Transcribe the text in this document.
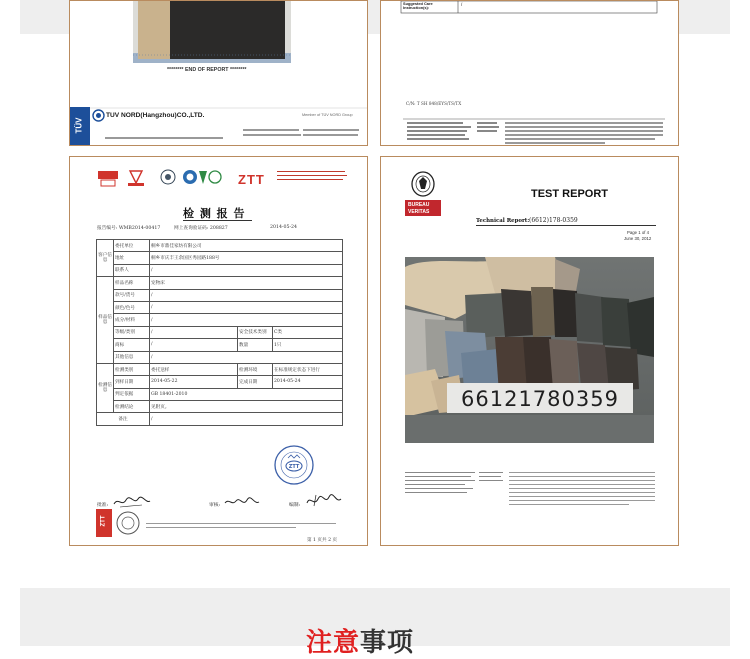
******** END OF REPORT ********
TÜV
TUV NORD(Hangzhou)CO.,LTD.	Member of TÜV NORD Group
Suggested Care Instruction(s):
/
C/N: T SH 848/EYS/TS/TX
ZTT
检 测 报 告
报告编号: WMB2014-00417	网上查询验证码: 208827	2014-05-24
客户信息	委托单位	桐乡市鼎佳家纺有限公司		
	地址	桐乡市庆丰王余国区秀园路188号		
	联系人	/		
样品信息	样品名称	宠物床		
	款号/货号	/		
	颜色/色号	/		
	成分/材料	/		
	等级/类别	/	安全技术类别	C类
	商标	/	数量	1只
	其他信息	/		
检测信息	检测类别	委托送样	检测环境	在标准规定状态下进行
	到样日期	2014-05-22	完成日期	2014-05-24
	判定依据	GB 18401-2010		
	检测结论	见附页。		
备注		/		
ZTT
批准:	审核:	编制:
ZTT
第 1 页共 2 页
BUREAU
VERITAS
TEST REPORT
Technical Report: (6612)178-0359
Page 1 of 4
June 30, 2012
66121780359
注意事项
